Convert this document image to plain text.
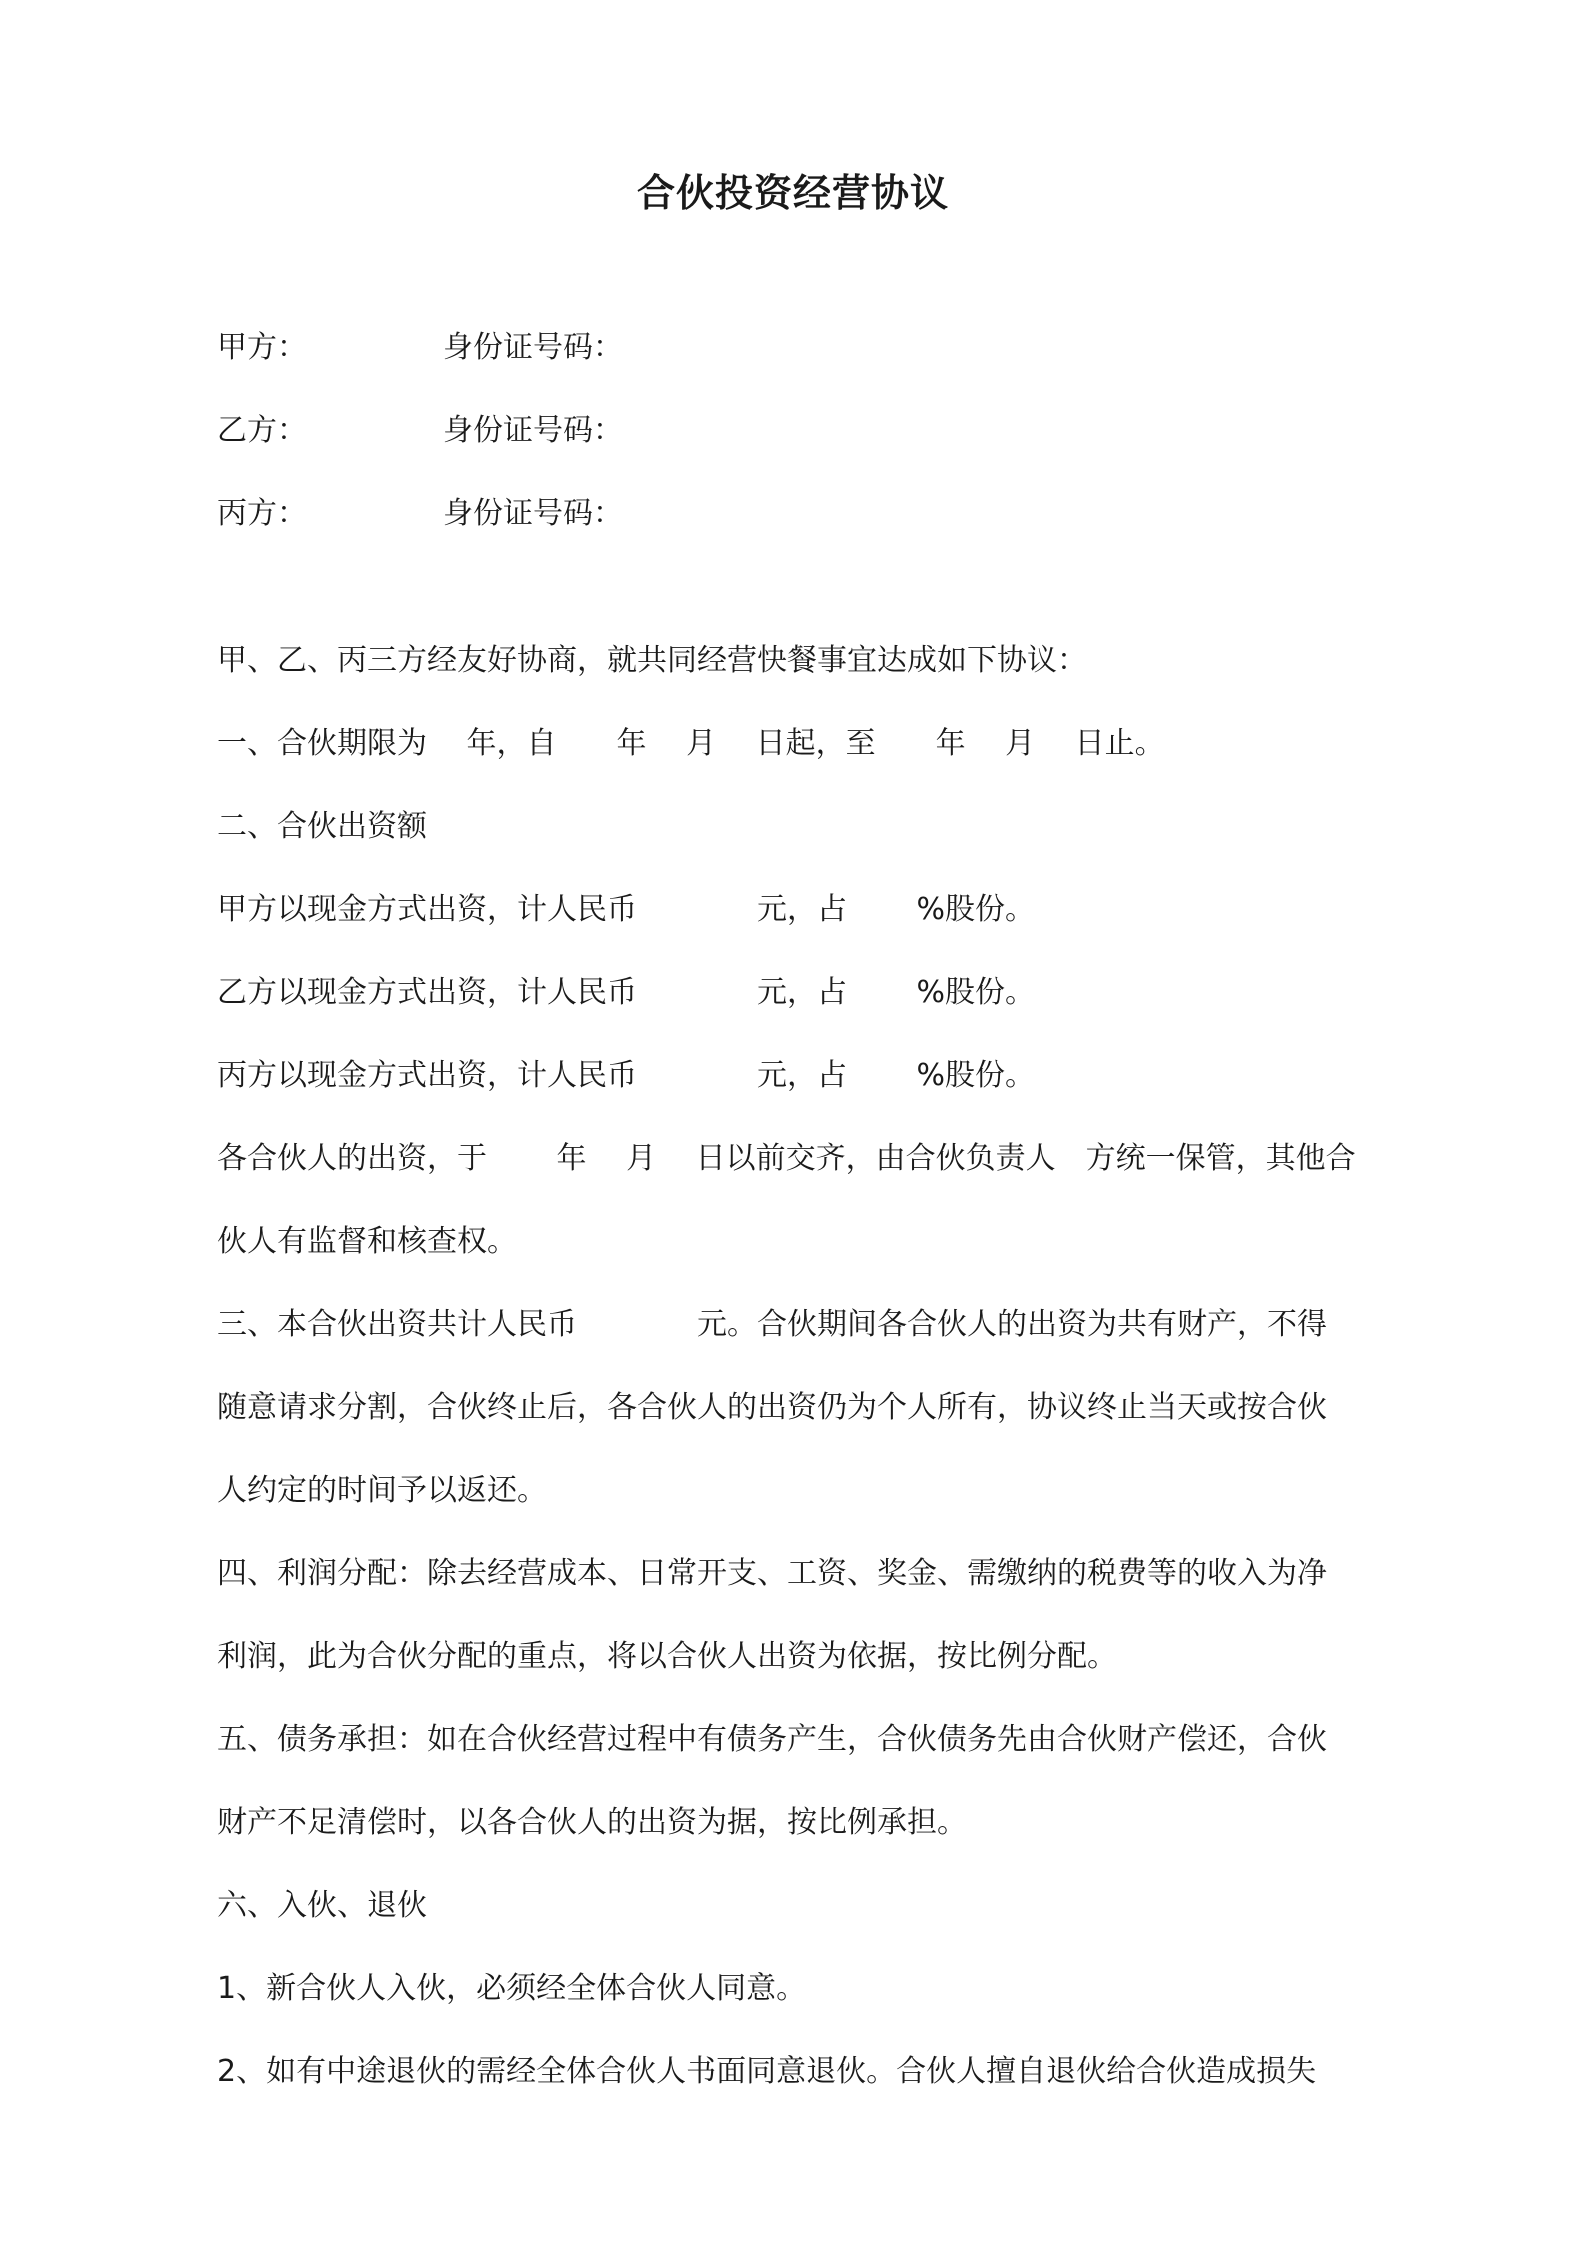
合伙投资经营协议
甲方：	身份证号码：
乙方：	身份证号码：
丙方：	身份证号码：
甲、乙、丙三方经友好协商，就共同经营快餐事宜达成如下协议：
一、合伙期限为　 年，自　　年　 月　 日起，至　　年　 月　 日止。
二、合伙出资额
甲方以现金方式出资，计人民币　　　　元，占　　 %股份。
乙方以现金方式出资，计人民币　　　　元，占　　 %股份。
丙方以现金方式出资，计人民币　　　　元，占　　 %股份。
各合伙人的出资，于　　 年　 月　 日以前交齐，由合伙负责人　方统一保管，其他合
伙人有监督和核查权。
三、本合伙出资共计人民币　　　　元。合伙期间各合伙人的出资为共有财产，不得
随意请求分割，合伙终止后，各合伙人的出资仍为个人所有，协议终止当天或按合伙
人约定的时间予以返还。
四、利润分配：除去经营成本、日常开支、工资、奖金、需缴纳的税费等的收入为净
利润，此为合伙分配的重点，将以合伙人出资为依据，按比例分配。
五、债务承担：如在合伙经营过程中有债务产生，合伙债务先由合伙财产偿还，合伙
财产不足清偿时，以各合伙人的出资为据，按比例承担。
六、入伙、退伙
1、新合伙人入伙，必须经全体合伙人同意。
2、如有中途退伙的需经全体合伙人书面同意退伙。合伙人擅自退伙给合伙造成损失
